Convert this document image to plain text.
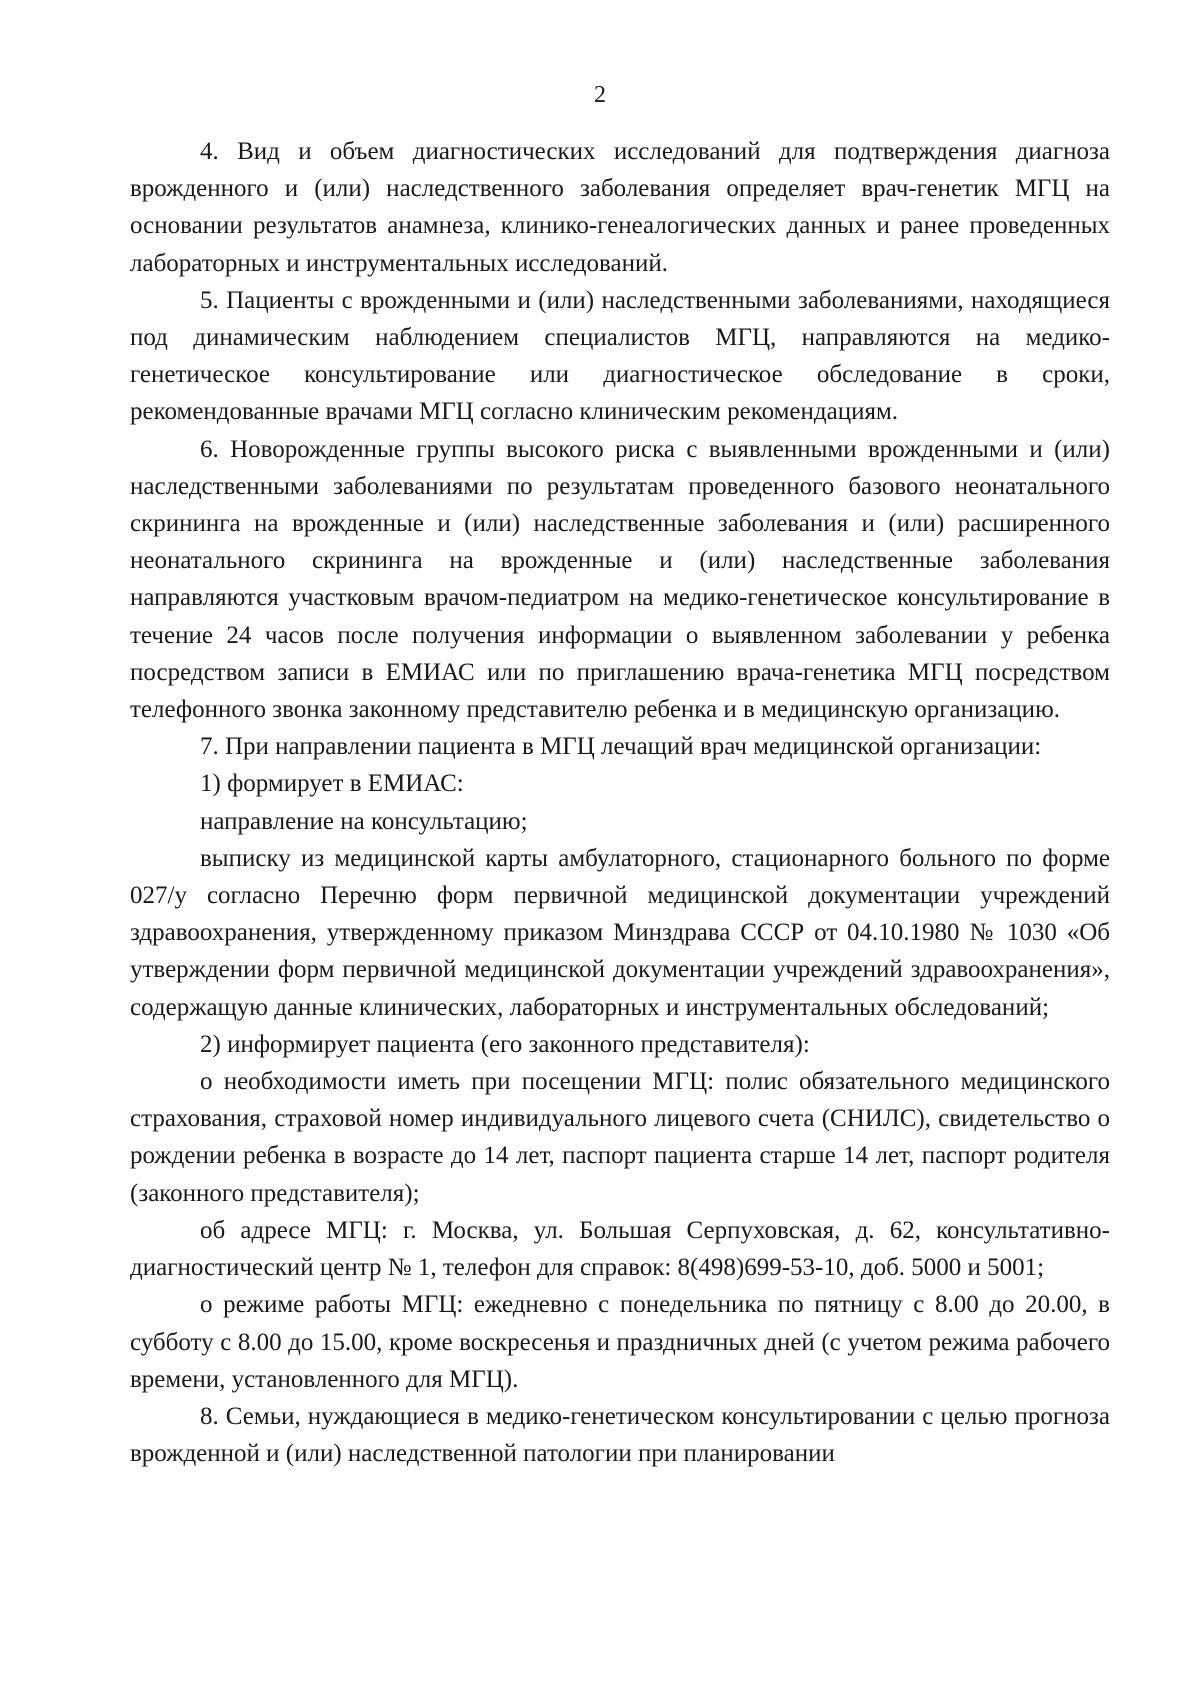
2

4. Вид и объем диагностических исследований для подтверждения диагноза врожденного и (или) наследственного заболевания определяет врач-генетик МГЦ на основании результатов анамнеза, клинико-генеалогических данных и ранее проведенных лабораторных и инструментальных исследований.

5. Пациенты с врожденными и (или) наследственными заболеваниями, находящиеся под динамическим наблюдением специалистов МГЦ, направляются на медико-генетическое консультирование или диагностическое обследование в сроки, рекомендованные врачами МГЦ согласно клиническим рекомендациям.

6. Новорожденные группы высокого риска с выявленными врожденными и (или) наследственными заболеваниями по результатам проведенного базового неонатального скрининга на врожденные и (или) наследственные заболевания и (или) расширенного неонатального скрининга на врожденные и (или) наследственные заболевания направляются участковым врачом-педиатром на медико-генетическое консультирование в течение 24 часов после получения информации о выявленном заболевании у ребенка посредством записи в ЕМИАС или по приглашению врача-генетика МГЦ посредством телефонного звонка законному представителю ребенка и в медицинскую организацию.

7. При направлении пациента в МГЦ лечащий врач медицинской организации:

1) формирует в ЕМИАС:

направление на консультацию;

выписку из медицинской карты амбулаторного, стационарного больного по форме 027/у согласно Перечню форм первичной медицинской документации учреждений здравоохранения, утвержденному приказом Минздрава СССР от 04.10.1980 № 1030 «Об утверждении форм первичной медицинской документации учреждений здравоохранения», содержащую данные клинических, лабораторных и инструментальных обследований;

2) информирует пациента (его законного представителя):

о необходимости иметь при посещении МГЦ: полис обязательного медицинского страхования, страховой номер индивидуального лицевого счета (СНИЛС), свидетельство о рождении ребенка в возрасте до 14 лет, паспорт пациента старше 14 лет, паспорт родителя (законного представителя);

об адресе МГЦ: г. Москва, ул. Большая Серпуховская, д. 62, консультативно-диагностический центр № 1, телефон для справок: 8(498)699-53-10, доб. 5000 и 5001;

о режиме работы МГЦ: ежедневно с понедельника по пятницу с 8.00 до 20.00, в субботу с 8.00 до 15.00, кроме воскресенья и праздничных дней (с учетом режима рабочего времени, установленного для МГЦ).

8. Семьи, нуждающиеся в медико-генетическом консультировании с целью прогноза врожденной и (или) наследственной патологии при планировании
